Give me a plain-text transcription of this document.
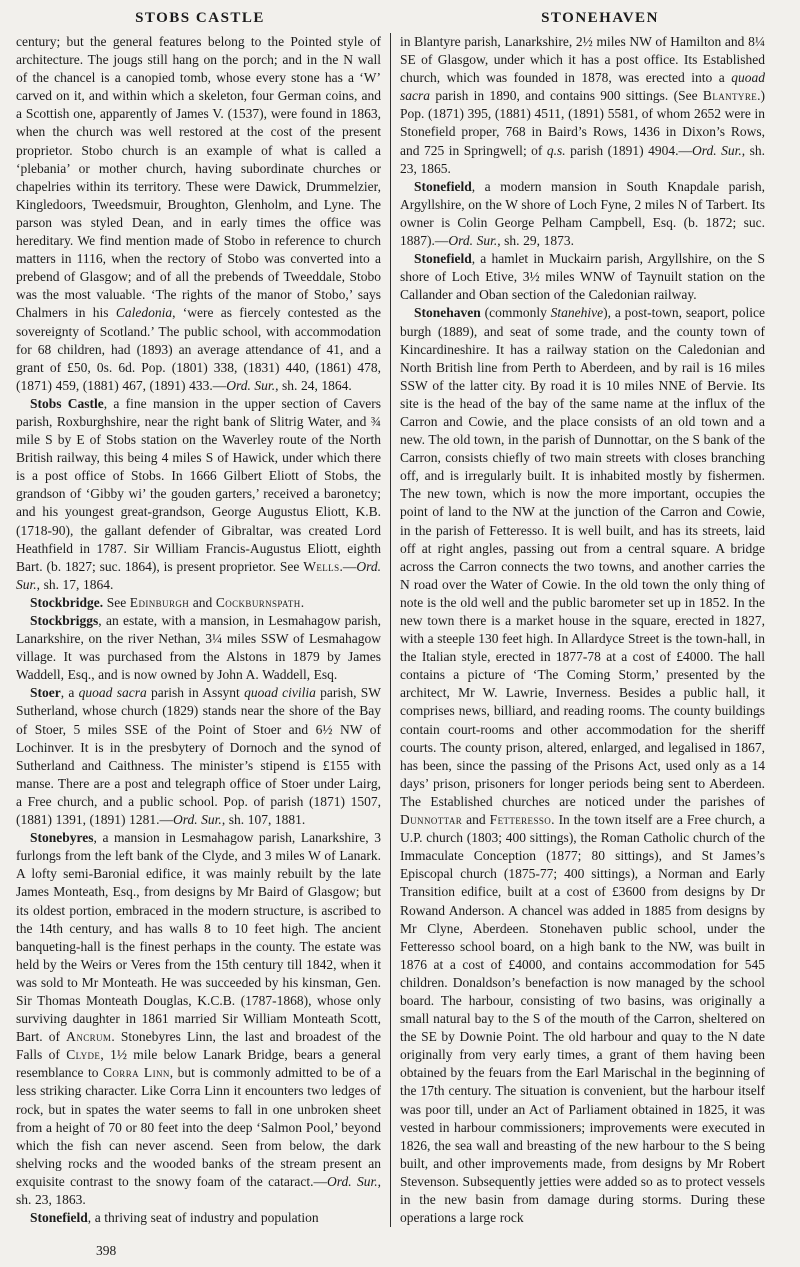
STOBS CASTLE	STONEHAVEN

century; but the general features belong to the Pointed style of architecture. The jougs still hang on the porch; and in the N wall of the chancel is a canopied tomb, whose every stone has a ‘W’ carved on it, and within which a skeleton, four German coins, and a Scottish one, apparently of James V. (1537), were found in 1863, when the church was well restored at the cost of the present proprietor. Stobo church is an example of what is called a ‘plebania’ or mother church, having subordinate churches or chapelries within its territory. These were Dawick, Drummelzier, Kingledoors, Tweedsmuir, Broughton, Glenholm, and Lyne. The parson was styled Dean, and in early times the office was hereditary. We find mention made of Stobo in reference to church matters in 1116, when the rectory of Stobo was converted into a prebend of Glasgow; and of all the prebends of Tweeddale, Stobo was the most valuable. ‘The rights of the manor of Stobo,’ says Chalmers in his Caledonia, ‘were as fiercely contested as the sovereignty of Scotland.’ The public school, with accommodation for 68 children, had (1893) an average attendance of 41, and a grant of £50, 0s. 6d. Pop. (1801) 338, (1831) 440, (1861) 478, (1871) 459, (1881) 467, (1891) 433.—Ord. Sur., sh. 24, 1864.

Stobs Castle, a fine mansion in the upper section of Cavers parish, Roxburghshire, near the right bank of Slitrig Water, and ¾ mile S by E of Stobs station on the Waverley route of the North British railway, this being 4 miles S of Hawick, under which there is a post office of Stobs. In 1666 Gilbert Eliott of Stobs, the grandson of ‘Gibby wi’ the gouden garters,’ received a baronetcy; and his youngest great-grandson, George Augustus Eliott, K.B. (1718-90), the gallant defender of Gibraltar, was created Lord Heathfield in 1787. Sir William Francis-Augustus Eliott, eighth Bart. (b. 1827; suc. 1864), is present proprietor. See Wells.—Ord. Sur., sh. 17, 1864.

Stockbridge. See Edinburgh and Cockburnspath.

Stockbriggs, an estate, with a mansion, in Lesmahagow parish, Lanarkshire, on the river Nethan, 3¼ miles SSW of Lesmahagow village. It was purchased from the Alstons in 1879 by James Waddell, Esq., and is now owned by John A. Waddell, Esq.

Stoer, a quoad sacra parish in Assynt quoad civilia parish, SW Sutherland, whose church (1829) stands near the shore of the Bay of Stoer, 5 miles SSE of the Point of Stoer and 6½ NW of Lochinver. It is in the presbytery of Dornoch and the synod of Sutherland and Caithness. The minister’s stipend is £155 with manse. There are a post and telegraph office of Stoer under Lairg, a Free church, and a public school. Pop. of parish (1871) 1507, (1881) 1391, (1891) 1281.—Ord. Sur., sh. 107, 1881.

Stonebyres, a mansion in Lesmahagow parish, Lanarkshire, 3 furlongs from the left bank of the Clyde, and 3 miles W of Lanark. A lofty semi-Baronial edifice, it was mainly rebuilt by the late James Monteath, Esq., from designs by Mr Baird of Glasgow; but its oldest portion, embraced in the modern structure, is ascribed to the 14th century, and has walls 8 to 10 feet high. The ancient banqueting-hall is the finest perhaps in the county. The estate was held by the Weirs or Veres from the 15th century till 1842, when it was sold to Mr Monteath. He was succeeded by his kinsman, Gen. Sir Thomas Monteath Douglas, K.C.B. (1787-1868), whose only surviving daughter in 1861 married Sir William Monteath Scott, Bart. of Ancrum. Stonebyres Linn, the last and broadest of the Falls of Clyde, 1½ mile below Lanark Bridge, bears a general resemblance to Corra Linn, but is commonly admitted to be of a less striking character. Like Corra Linn it encounters two ledges of rock, but in spates the water seems to fall in one unbroken sheet from a height of 70 or 80 feet into the deep ‘Salmon Pool,’ beyond which the fish can never ascend. Seen from below, the dark shelving rocks and the wooded banks of the stream present an exquisite contrast to the snowy foam of the cataract.—Ord. Sur., sh. 23, 1863.

Stonefield, a thriving seat of industry and population

in Blantyre parish, Lanarkshire, 2½ miles NW of Hamilton and 8¼ SE of Glasgow, under which it has a post office. Its Established church, which was founded in 1878, was erected into a quoad sacra parish in 1890, and contains 900 sittings. (See Blantyre.) Pop. (1871) 395, (1881) 4511, (1891) 5581, of whom 2652 were in Stonefield proper, 768 in Baird’s Rows, 1436 in Dixon’s Rows, and 725 in Springwell; of q.s. parish (1891) 4904.—Ord. Sur., sh. 23, 1865.

Stonefield, a modern mansion in South Knapdale parish, Argyllshire, on the W shore of Loch Fyne, 2 miles N of Tarbert. Its owner is Colin George Pelham Campbell, Esq. (b. 1872; suc. 1887).—Ord. Sur., sh. 29, 1873.

Stonefield, a hamlet in Muckairn parish, Argyllshire, on the S shore of Loch Etive, 3½ miles WNW of Taynuilt station on the Callander and Oban section of the Caledonian railway.

Stonehaven (commonly Stanehive), a post-town, seaport, police burgh (1889), and seat of some trade, and the county town of Kincardineshire. It has a railway station on the Caledonian and North British line from Perth to Aberdeen, and by rail is 16 miles SSW of the latter city. By road it is 10 miles NNE of Bervie. Its site is the head of the bay of the same name at the influx of the Carron and Cowie, and the place consists of an old town and a new. The old town, in the parish of Dunnottar, on the S bank of the Carron, consists chiefly of two main streets with closes branching off, and is irregularly built. It is inhabited mostly by fishermen. The new town, which is now the more important, occupies the point of land to the NW at the junction of the Carron and Cowie, in the parish of Fetteresso. It is well built, and has its streets, laid off at right angles, passing out from a central square. A bridge across the Carron connects the two towns, and another carries the N road over the Water of Cowie. In the old town the only thing of note is the old well and the public barometer set up in 1852. In the new town there is a market house in the square, erected in 1827, with a steeple 130 feet high. In Allardyce Street is the town-hall, in the Italian style, erected in 1877-78 at a cost of £4000. The hall contains a picture of ‘The Coming Storm,’ presented by the architect, Mr W. Lawrie, Inverness. Besides a public hall, it comprises news, billiard, and reading rooms. The county buildings contain court-rooms and other accommodation for the sheriff courts. The county prison, altered, enlarged, and legalised in 1867, has been, since the passing of the Prisons Act, used only as a 14 days’ prison, prisoners for longer periods being sent to Aberdeen. The Established churches are noticed under the parishes of Dunnottar and Fetteresso. In the town itself are a Free church, a U.P. church (1803; 400 sittings), the Roman Catholic church of the Immaculate Conception (1877; 80 sittings), and St James’s Episcopal church (1875-77; 400 sittings), a Norman and Early Transition edifice, built at a cost of £3600 from designs by Dr Rowand Anderson. A chancel was added in 1885 from designs by Mr Clyne, Aberdeen. Stonehaven public school, under the Fetteresso school board, on a high bank to the NW, was built in 1876 at a cost of £4000, and contains accommodation for 545 children. Donaldson’s benefaction is now managed by the school board. The harbour, consisting of two basins, was originally a small natural bay to the S of the mouth of the Carron, sheltered on the SE by Downie Point. The old harbour and quay to the N date originally from very early times, a grant of them having been obtained by the feuars from the Earl Marischal in the beginning of the 17th century. The situation is convenient, but the harbour itself was poor till, under an Act of Parliament obtained in 1825, it was vested in harbour commissioners; improvements were executed in 1826, the sea wall and breasting of the new harbour to the S being built, and other improvements made, from designs by Mr Robert Stevenson. Subsequently jetties were added so as to protect vessels in the new basin from damage during storms. During these operations a large rock

398
